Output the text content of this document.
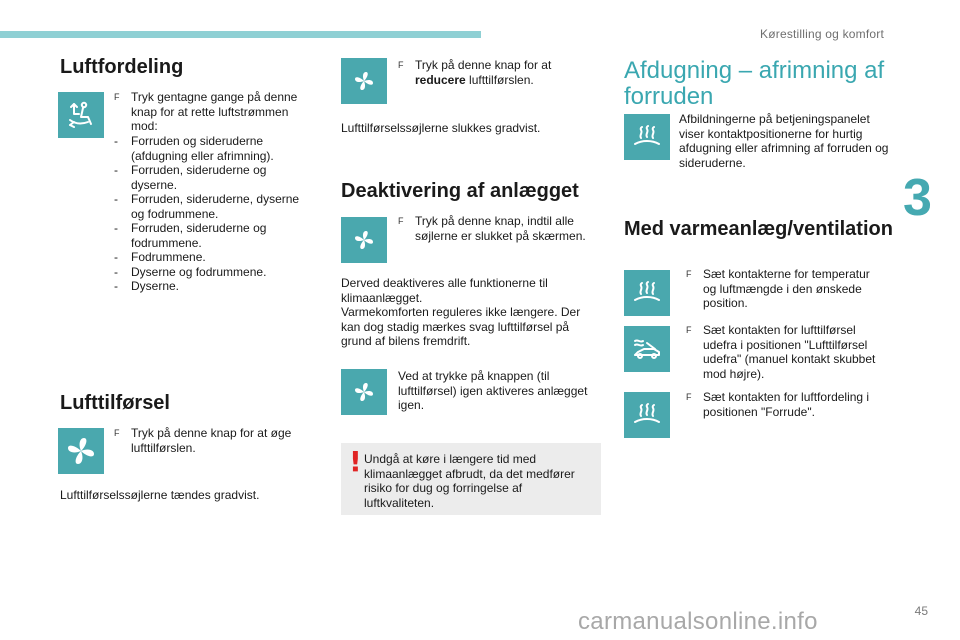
Kørestilling og komfort
3
45
carmanualsonline.info
Luftfordeling
F Tryk gentagne gange på denne knap for at rette luftstrømmen mod:
- Forruden og sideruderne (afdugning eller afrimning).
- Forruden, sideruderne og dyserne.
- Forruden, sideruderne, dyserne og fodrummene.
- Forruden, sideruderne og fodrummene.
- Fodrummene.
- Dyserne og fodrummene.
- Dyserne.
Lufttilførsel
F Tryk på denne knap for at øge lufttilførslen.
Lufttilførselssøjlerne tændes gradvist.
F Tryk på denne knap for at reducere lufttilførslen.
Lufttilførselssøjlerne slukkes gradvist.
Deaktivering af anlægget
F Tryk på denne knap, indtil alle søjlerne er slukket på skærmen.
Derved deaktiveres alle funktionerne til klimaanlægget.
Varmekomforten reguleres ikke længere. Der kan dog stadig mærkes svag lufttilførsel på grund af bilens fremdrift.
Ved at trykke på knappen (til lufttilførsel) igen aktiveres anlægget igen.
! Undgå at køre i længere tid med klimaanlægget afbrudt, da det medfører risiko for dug og forringelse af luftkvaliteten.
Afdugning – afrimning af forruden
Afbildningerne på betjeningspanelet viser kontaktpositionerne for hurtig afdugning eller afrimning af forruden og sideruderne.
Med varmeanlæg/ventilation
F Sæt kontakterne for temperatur og luftmængde i den ønskede position.
F Sæt kontakten for lufttilførsel udefra i positionen "Lufttilførsel udefra" (manuel kontakt skubbet mod højre).
F Sæt kontakten for luftfordeling i positionen "Forrude".
